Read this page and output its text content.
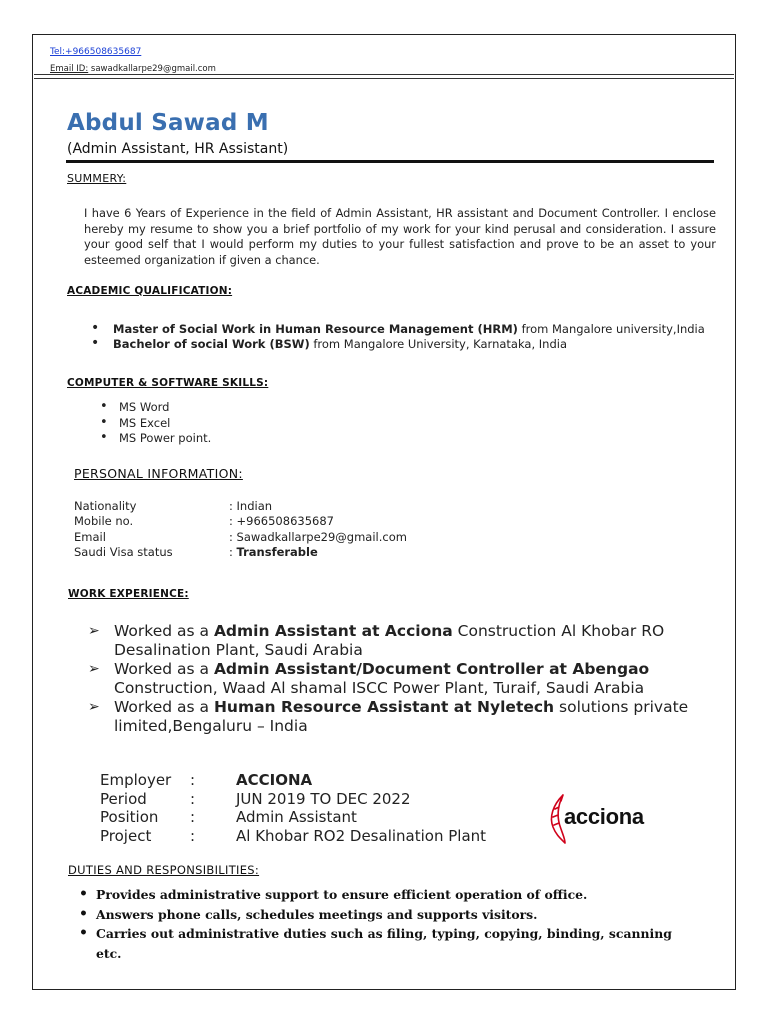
Tel:+966508635687
Email ID: sawadkallarpe29@gmail.com
Abdul Sawad M
(Admin Assistant, HR Assistant)
SUMMERY:
I have 6 Years of Experience in the field of Admin Assistant, HR assistant and Document Controller. I enclose hereby my resume to show you a brief portfolio of my work for your kind perusal and consideration. I assure your good self that I would perform my duties to your fullest satisfaction and prove to be an asset to your esteemed organization if given a chance.
ACADEMIC QUALIFICATION:
• Master of Social Work in Human Resource Management (HRM) from Mangalore university,India
• Bachelor of social Work (BSW) from Mangalore University, Karnataka, India
COMPUTER & SOFTWARE SKILLS:
• MS Word
• MS Excel
• MS Power point.
PERSONAL INFORMATION:
Nationality	: Indian
Mobile no.	: +966508635687
Email	: Sawadkallarpe29@gmail.com
Saudi Visa status	: Transferable
WORK EXPERIENCE:
➢ Worked as a Admin Assistant at Acciona Construction Al Khobar RO Desalination Plant, Saudi Arabia
➢ Worked as a Admin Assistant/Document Controller at Abengao Construction, Waad Al shamal ISCC Power Plant, Turaif, Saudi Arabia
➢ Worked as a Human Resource Assistant at Nyletech solutions private limited,Bengaluru – India
Employer :	ACCIONA
Period	:	JUN 2019 TO DEC 2022
Position :	Admin Assistant
Project	:	Al Khobar RO2 Desalination Plant
acciona
DUTIES AND RESPONSIBILITIES:
• Provides administrative support to ensure efficient operation of office.
• Answers phone calls, schedules meetings and supports visitors.
• Carries out administrative duties such as filing, typing, copying, binding, scanning etc.
